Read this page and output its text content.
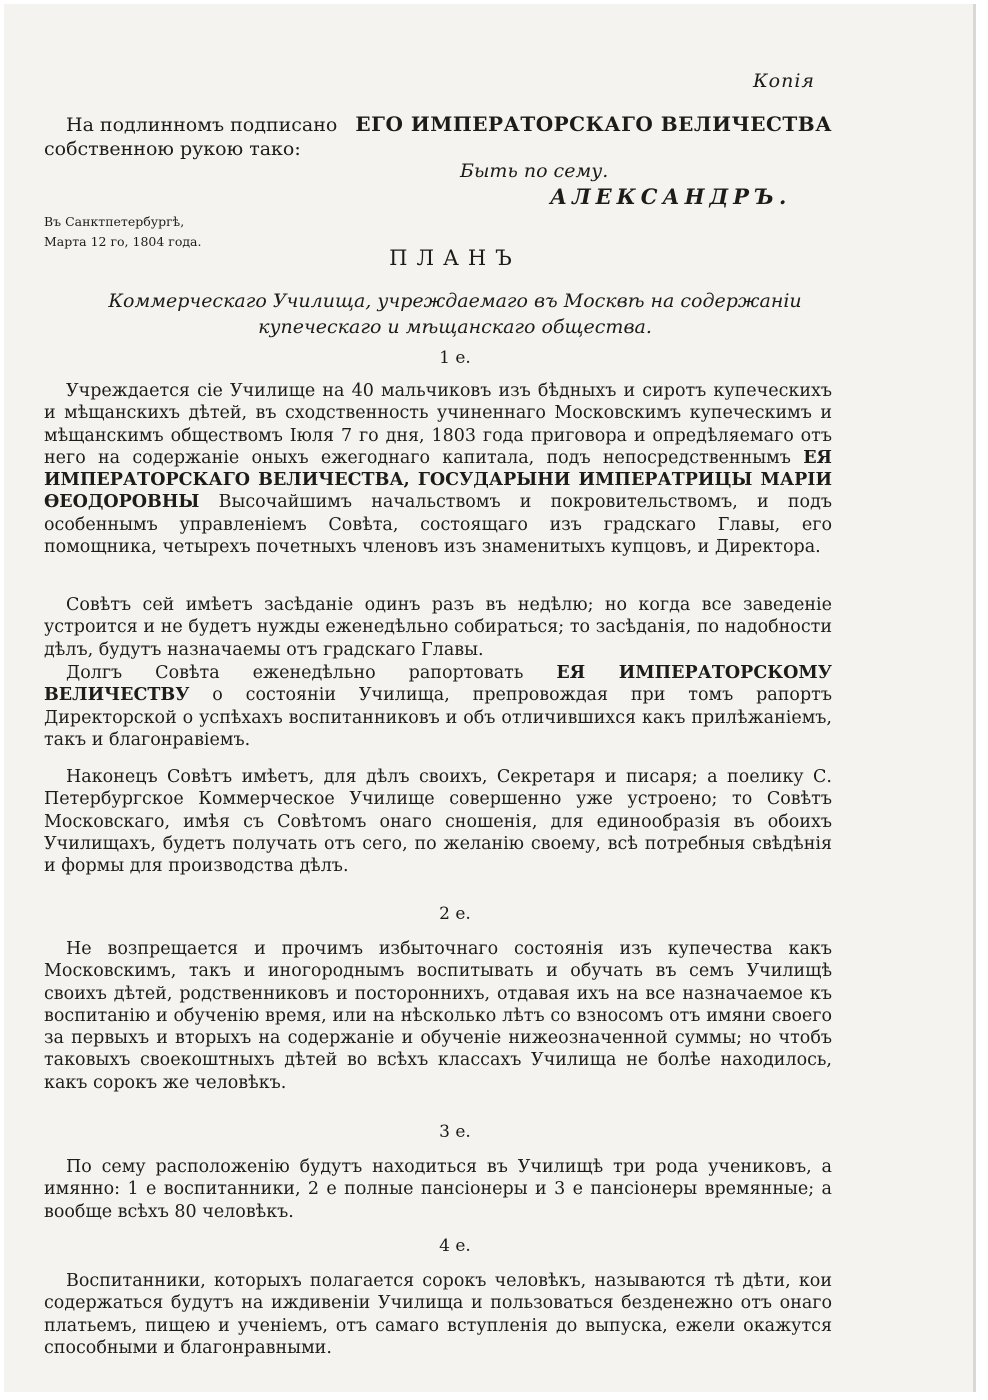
Копiя
На подлинномъ подписано ЕГО ИМПЕРАТОРСКАГО ВЕЛИЧЕСТВА
собственною рукою тако:
Быть по сему.
АЛЕКСАНДРЪ.
Въ Санктпетербургѣ,
Марта 12 го, 1804 года.
ПЛАНЪ
Коммерческаго Училища, учреждаемаго въ Москвѣ на содержанiи
купеческаго и мѣщанскаго общества.
1 е.
Учреждается сiе Училище на 40 мальчиковъ изъ бѣдныхъ и сиротъ купеческихъ и мѣщанскихъ дѣтей, въ сходственность учиненнаго Московскимъ купеческимъ и мѣщанскимъ обществомъ Iюля 7 го дня, 1803 года приговора и опредѣляемаго отъ него на содержанiе оныхъ ежегоднаго капитала, подъ непосредственнымъ ЕЯ ИМПЕРАТОРСКАГО ВЕЛИЧЕСТВА, ГОСУДАРЫНИ ИМПЕРАТРИЦЫ МАРIИ ѲЕОДОРОВНЫ Высочайшимъ начальствомъ и покровительствомъ, и подъ особеннымъ управленiемъ Совѣта, состоящаго изъ градскаго Главы, его помощника, четырехъ почетныхъ членовъ изъ знаменитыхъ купцовъ, и Директора.
Совѣтъ сей имѣетъ засѣданiе одинъ разъ въ недѣлю; но когда все заведенiе устроится и не будетъ нужды еженедѣльно собираться; то засѣданiя, по надобности дѣлъ, будутъ назначаемы отъ градскаго Главы.
Долгъ Совѣта еженедѣльно рапортовать ЕЯ ИМПЕРАТОРСКОМУ ВЕЛИЧЕСТВУ о состоянiи Училища, препровождая при томъ рапортъ Директорской о успѣхахъ воспитанниковъ и объ отличившихся какъ прилѣжанiемъ, такъ и благонравiемъ.
Наконецъ Совѣтъ имѣетъ, для дѣлъ своихъ, Секретаря и писаря; а поелику С. Петербургское Коммерческое Училище совершенно уже устроено; то Совѣтъ Московскаго, имѣя съ Совѣтомъ онаго сношенiя, для единообразiя въ обоихъ Училищахъ, будетъ получать отъ сего, по желанiю своему, всѣ потребныя свѣдѣнiя и формы для производства дѣлъ.
2 е.
Не возпрещается и прочимъ избыточнаго состоянiя изъ купечества какъ Московскимъ, такъ и иногороднымъ воспитывать и обучать въ семъ Училищѣ своихъ дѣтей, родственниковъ и постороннихъ, отдавая ихъ на все назначаемое къ воспитанiю и обученiю время, или на нѣсколько лѣтъ со взносомъ отъ имяни своего за первыхъ и вторыхъ на содержанiе и обученiе нижеозначенной суммы; но чтобъ таковыхъ своекоштныхъ дѣтей во всѣхъ классахъ Училища не болѣе находилось, какъ сорокъ же человѣкъ.
3 е.
По сему расположенiю будутъ находиться въ Училищѣ три рода учениковъ, а имянно: 1 е воспитанники, 2 е полные пансiонеры и 3 е пансiонеры времянные; а вообще всѣхъ 80 человѣкъ.
4 е.
Воспитанники, которыхъ полагается сорокъ человѣкъ, называются тѣ дѣти, кои содержаться будутъ на иждивенiи Училища и пользоваться безденежно отъ онаго платьемъ, пищею и ученiемъ, отъ самаго вступленiя до выпуска, ежели окажутся способными и благонравными.
